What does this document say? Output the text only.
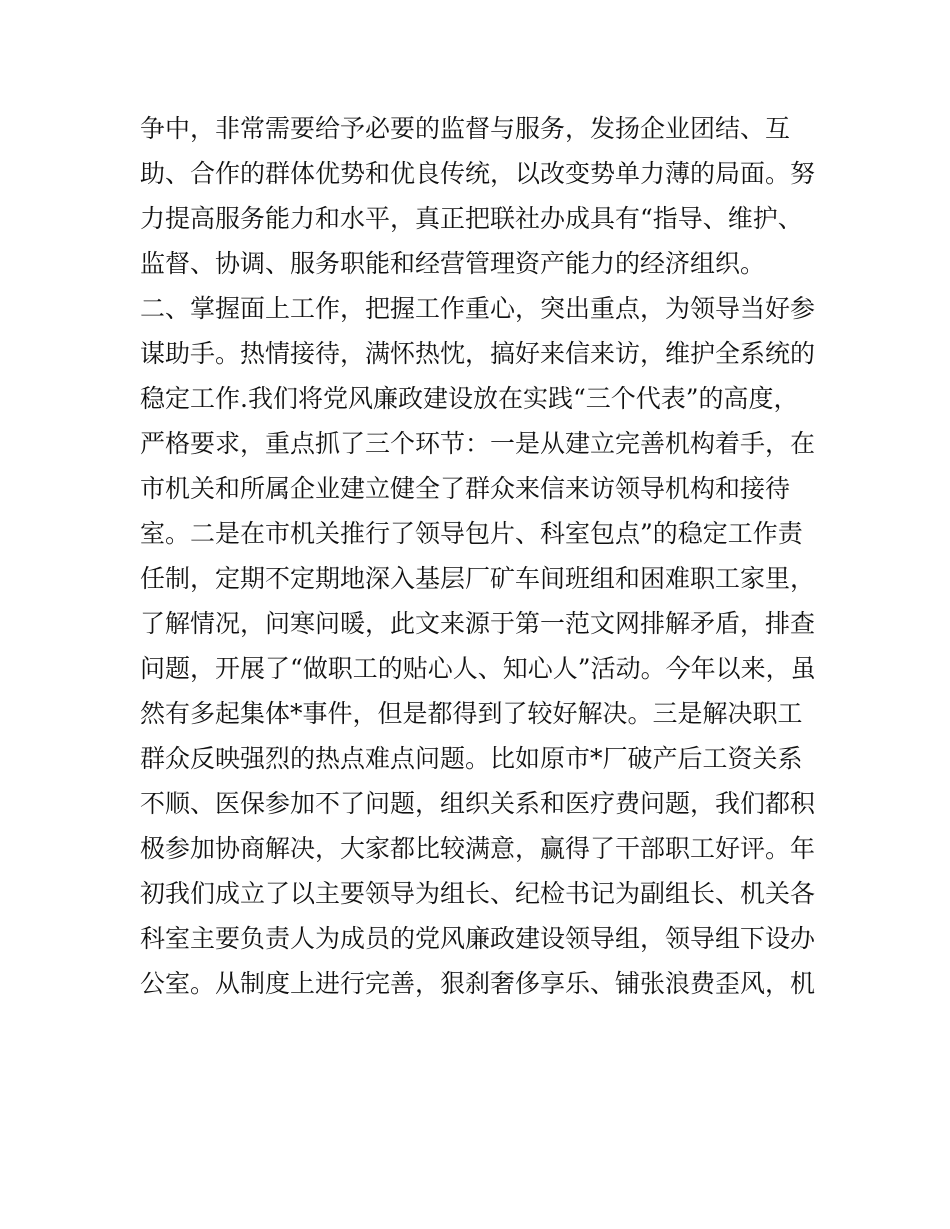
争中，非常需要给予必要的监督与服务，发扬企业团结、互
助、合作的群体优势和优良传统，以改变势单力薄的局面。努
力提高服务能力和水平，真正把联社办成具有“指导、维护、
监督、协调、服务职能和经营管理资产能力的经济组织。
二、掌握面上工作，把握工作重心，突出重点，为领导当好参
谋助手。热情接待，满怀热忱，搞好来信来访，维护全系统的
稳定工作.我们将党风廉政建设放在实践“三个代表”的高度，
严格要求，重点抓了三个环节：一是从建立完善机构着手，在
市机关和所属企业建立健全了群众来信来访领导机构和接待
室。二是在市机关推行了领导包片、科室包点”的稳定工作责
任制，定期不定期地深入基层厂矿车间班组和困难职工家里，
了解情况，问寒问暖，此文来源于第一范文网排解矛盾，排查
问题，开展了“做职工的贴心人、知心人”活动。今年以来，虽
然有多起集体*事件，但是都得到了较好解决。三是解决职工
群众反映强烈的热点难点问题。比如原市*厂破产后工资关系
不顺、医保参加不了问题，组织关系和医疗费问题，我们都积
极参加协商解决，大家都比较满意，赢得了干部职工好评。年
初我们成立了以主要领导为组长、纪检书记为副组长、机关各
科室主要负责人为成员的党风廉政建设领导组，领导组下设办
公室。从制度上进行完善，狠刹奢侈享乐、铺张浪费歪风，机
